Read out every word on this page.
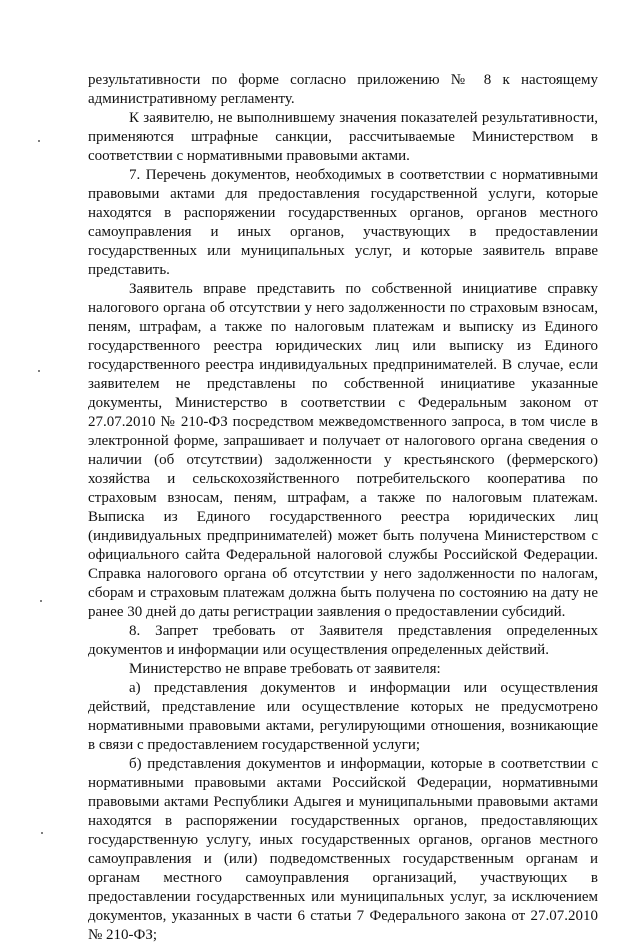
результативности по форме согласно приложению № 8 к настоящему административному регламенту.

К заявителю, не выполнившему значения показателей результативности, применяются штрафные санкции, рассчитываемые Министерством в соответствии с нормативными правовыми актами.

7. Перечень документов, необходимых в соответствии с нормативными правовыми актами для предоставления государственной услуги, которые находятся в распоряжении государственных органов, органов местного самоуправления и иных органов, участвующих в предоставлении государственных или муниципальных услуг, и которые заявитель вправе представить.

Заявитель вправе представить по собственной инициативе справку налогового органа об отсутствии у него задолженности по страховым взносам, пеням, штрафам, а также по налоговым платежам и выписку из Единого государственного реестра юридических лиц или выписку из Единого государственного реестра индивидуальных предпринимателей. В случае, если заявителем не представлены по собственной инициативе указанные документы, Министерство в соответствии с Федеральным законом от 27.07.2010 № 210-ФЗ посредством межведомственного запроса, в том числе в электронной форме, запрашивает и получает от налогового органа сведения о наличии (об отсутствии) задолженности у крестьянского (фермерского) хозяйства и сельскохозяйственного потребительского кооператива по страховым взносам, пеням, штрафам, а также по налоговым платежам. Выписка из Единого государственного реестра юридических лиц (индивидуальных предпринимателей) может быть получена Министерством с официального сайта Федеральной налоговой службы Российской Федерации. Справка налогового органа об отсутствии у него задолженности по налогам, сборам и страховым платежам должна быть получена по состоянию на дату не ранее 30 дней до даты регистрации заявления о предоставлении субсидий.

8. Запрет требовать от Заявителя представления определенных документов и информации или осуществления определенных действий.

Министерство не вправе требовать от заявителя:

а) представления документов и информации или осуществления действий, представление или осуществление которых не предусмотрено нормативными правовыми актами, регулирующими отношения, возникающие в связи с предоставлением государственной услуги;

б) представления документов и информации, которые в соответствии с нормативными правовыми актами Российской Федерации, нормативными правовыми актами Республики Адыгея и муниципальными правовыми актами находятся в распоряжении государственных органов, предоставляющих государственную услугу, иных государственных органов, органов местного самоуправления и (или) подведомственных государственным органам и органам местного самоуправления организаций, участвующих в предоставлении государственных или муниципальных услуг, за исключением документов, указанных в части 6 статьи 7 Федерального закона от 27.07.2010 № 210-ФЗ;
